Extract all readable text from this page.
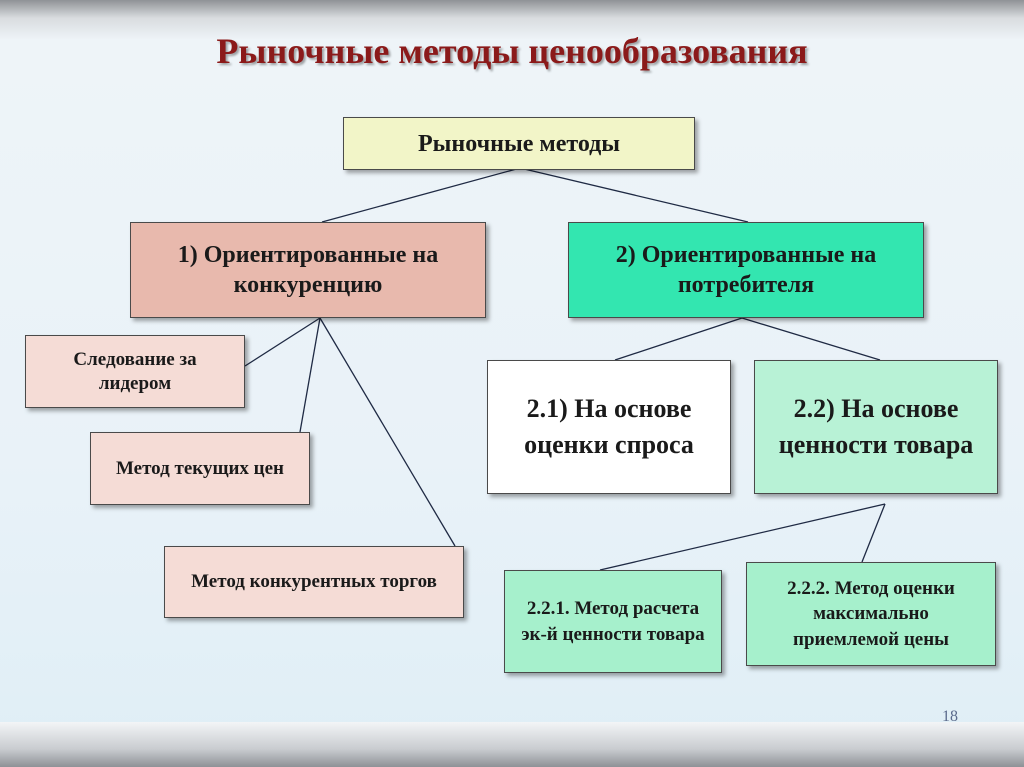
Рыночные методы ценообразования
Рыночные методы
1) Ориентированные на конкуренцию
2) Ориентированные на потребителя
Следование за лидером
Метод текущих цен
Метод конкурентных торгов
2.1) На основе оценки спроса
2.2) На основе ценности товара
2.2.1. Метод расчета эк-й ценности товара
2.2.2. Метод оценки максимально приемлемой цены
18
